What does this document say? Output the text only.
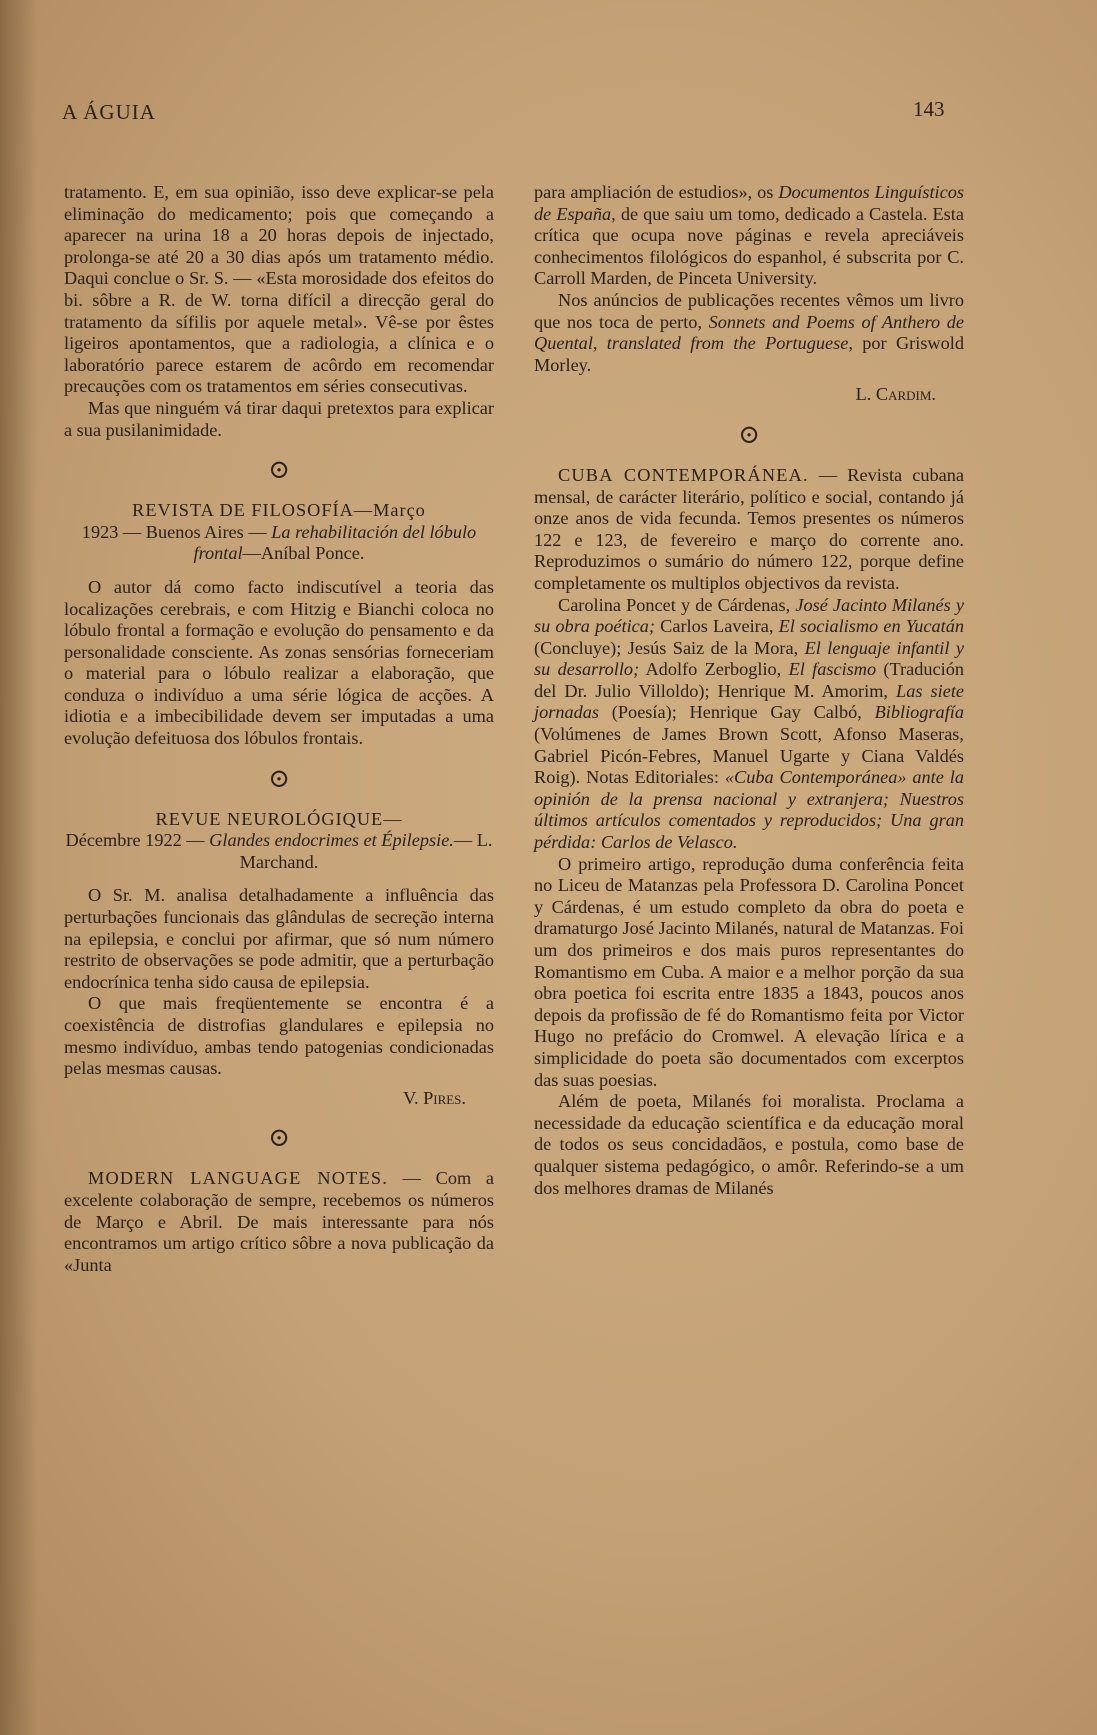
A ÁGUIA	143

tratamento. E, em sua opinião, isso deve explicar-se pela eliminação do medicamento; pois que começando a aparecer na urina 18 a 20 horas depois de injectado, prolonga-se até 20 a 30 dias após um tratamento médio. Daqui conclue o Sr. S. — «Esta morosidade dos efeitos do bi. sôbre a R. de W. torna difícil a direcção geral do tratamento da sífilis por aquele metal». Vê-se por êstes ligeiros apontamentos, que a radiologia, a clínica e o laboratório parece estarem de acôrdo em recomendar precauções com os tratamentos em séries consecutivas.

Mas que ninguém vá tirar daqui pretextos para explicar a sua pusilanimidade.

⊙
REVISTA DE FILOSOFÍA—Março
1923 — Buenos Aires — La rehabilitación del lóbulo frontal—Aníbal Ponce.

O autor dá como facto indiscutível a teoria das localizações cerebrais, e com Hitzig e Bianchi coloca no lóbulo frontal a formação e evolução do pensamento e da personalidade consciente. As zonas sensórias forneceriam o material para o lóbulo realizar a elaboração, que conduza o indivíduo a uma série lógica de acções. A idiotia e a imbecibilidade devem ser imputadas a uma evolução defeituosa dos lóbulos frontais.

⊙
REVUE NEUROLÓGIQUE—
Décembre 1922 — Glandes endocrimes et Épilepsie.— L. Marchand.

O Sr. M. analisa detalhadamente a influência das perturbações funcionais das glândulas de secreção interna na epilepsia, e conclui por afirmar, que só num número restrito de observações se pode admitir, que a perturbação endocrínica tenha sido causa de epilepsia.

O que mais freqüentemente se encontra é a coexistência de distrofias glandulares e epilepsia no mesmo indivíduo, ambas tendo patogenias condicionadas pelas mesmas causas.

V. Pires.
⊙

MODERN LANGUAGE NOTES. — Com a excelente colaboração de sempre, recebemos os números de Março e Abril. De mais interessante para nós encontramos um artigo crítico sôbre a nova publicação da «Junta

para ampliación de estudios», os Documentos Linguísticos de España, de que saiu um tomo, dedicado a Castela. Esta crítica que ocupa nove páginas e revela apreciáveis conhecimentos filológicos do espanhol, é subscrita por C. Carroll Marden, de Pinceta University.

Nos anúncios de publicações recentes vêmos um livro que nos toca de perto, Sonnets and Poems of Anthero de Quental, translated from the Portuguese, por Griswold Morley.

L. Cardim.
⊙

CUBA CONTEMPORÁNEA. — Revista cubana mensal, de carácter literário, político e social, contando já onze anos de vida fecunda. Temos presentes os números 122 e 123, de fevereiro e março do corrente ano. Reproduzimos o sumário do número 122, porque define completamente os multiplos objectivos da revista.

Carolina Poncet y de Cárdenas, José Jacinto Milanés y su obra poética; Carlos Laveira, El socialismo en Yucatán (Concluye); Jesús Saiz de la Mora, El lenguaje infantil y su desarrollo; Adolfo Zerboglio, El fascismo (Tradución del Dr. Julio Villoldo); Henrique M. Amorim, Las siete jornadas (Poesía); Henrique Gay Calbó, Bibliografía (Volúmenes de James Brown Scott, Afonso Maseras, Gabriel Picón-Febres, Manuel Ugarte y Ciana Valdés Roig). Notas Editoriales: «Cuba Contemporánea» ante la opinión de la prensa nacional y extranjera; Nuestros últimos artículos comentados y reproducidos; Una gran pérdida: Carlos de Velasco.

O primeiro artigo, reprodução duma conferência feita no Liceu de Matanzas pela Professora D. Carolina Poncet y Cárdenas, é um estudo completo da obra do poeta e dramaturgo José Jacinto Milanés, natural de Matanzas. Foi um dos primeiros e dos mais puros representantes do Romantismo em Cuba. A maior e a melhor porção da sua obra poetica foi escrita entre 1835 a 1843, poucos anos depois da profissão de fé do Romantismo feita por Victor Hugo no prefácio do Cromwel. A elevação lírica e a simplicidade do poeta são documentados com excerptos das suas poesias.

Além de poeta, Milanés foi moralista. Proclama a necessidade da educação scientífica e da educação moral de todos os seus concidadãos, e postula, como base de qualquer sistema pedagógico, o amôr. Referindo-se a um dos melhores dramas de Milanés
